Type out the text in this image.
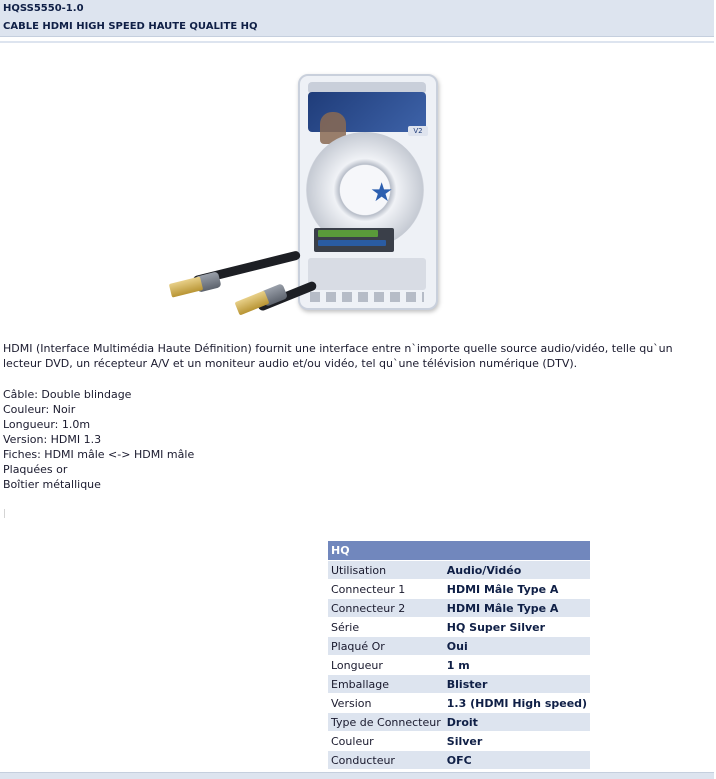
HQSS5550-1.0
CABLE HDMI HIGH SPEED HAUTE QUALITE HQ
V2
★

HDMI (Interface Multimédia Haute Définition) fournit une interface entre n`importe quelle source audio/vidéo, telle qu`un lecteur DVD, un récepteur A/V et un moniteur audio et/ou vidéo, tel qu`une télévision numérique (DTV).

Câble: Double blindage
Couleur: Noir
Longueur: 1.0m
Version: HDMI 1.3
Fiches: HDMI mâle <-> HDMI mâle
Plaquées or
Boîtier métallique
|
HQ	
Utilisation	Audio/Vidéo
Connecteur 1	HDMI Mâle Type A
Connecteur 2	HDMI Mâle Type A
Série	HQ Super Silver
Plaqué Or	Oui
Longueur	1 m
Emballage	Blister
Version	1.3 (HDMI High speed)
Type de Connecteur	Droit
Couleur	Silver
Conducteur	OFC
